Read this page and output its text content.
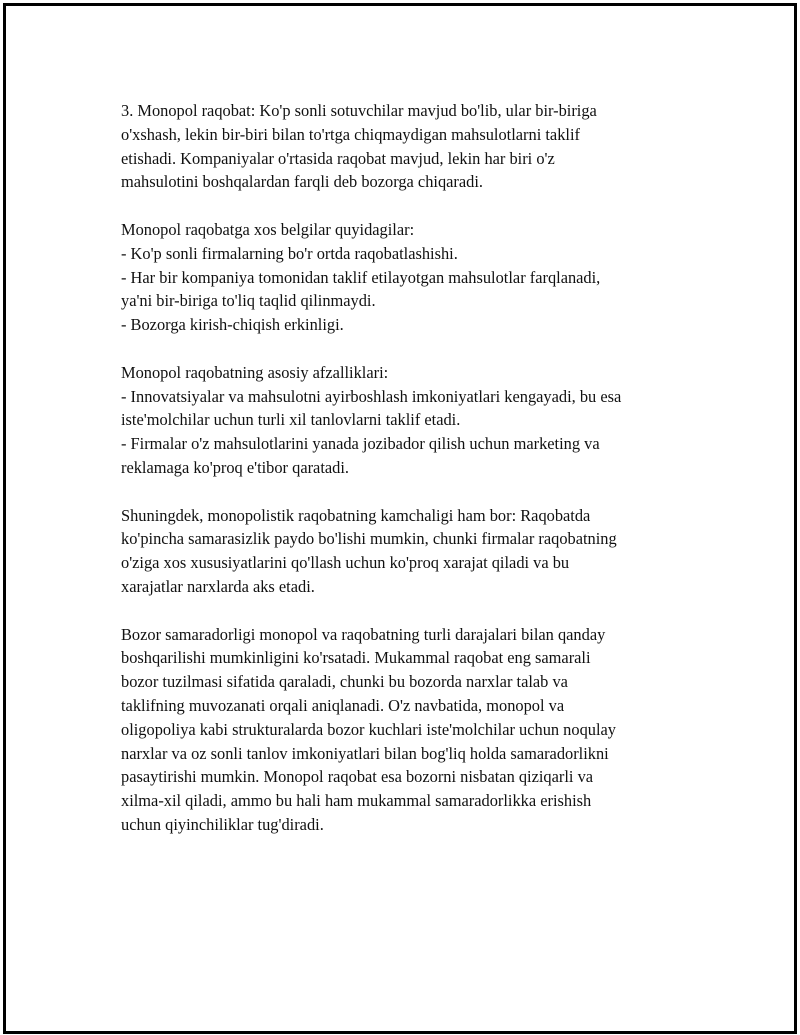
3. Monopol raqobat: Ko'p sonli sotuvchilar mavjud bo'lib, ular bir-biriga
o'xshash, lekin bir-biri bilan to'rtga chiqmaydigan mahsulotlarni taklif
etishadi. Kompaniyalar o'rtasida raqobat mavjud, lekin har biri o'z
mahsulotini boshqalardan farqli deb bozorga chiqaradi.

Monopol raqobatga xos belgilar quyidagilar:
- Ko'p sonli firmalarning bo'r ortda raqobatlashishi.
- Har bir kompaniya tomonidan taklif etilayotgan mahsulotlar farqlanadi,
ya'ni bir-biriga to'liq taqlid qilinmaydi.
- Bozorga kirish-chiqish erkinligi.

Monopol raqobatning asosiy afzalliklari:
- Innovatsiyalar va mahsulotni ayirboshlash imkoniyatlari kengayadi, bu esa
iste'molchilar uchun turli xil tanlovlarni taklif etadi.
- Firmalar o'z mahsulotlarini yanada jozibador qilish uchun marketing va
reklamaga ko'proq e'tibor qaratadi.

Shuningdek, monopolistik raqobatning kamchaligi ham bor: Raqobatda
ko'pincha samarasizlik paydo bo'lishi mumkin, chunki firmalar raqobatning
o'ziga xos xususiyatlarini qo'llash uchun ko'proq xarajat qiladi va bu
xarajatlar narxlarda aks etadi.

Bozor samaradorligi monopol va raqobatning turli darajalari bilan qanday
boshqarilishi mumkinligini ko'rsatadi. Mukammal raqobat eng samarali
bozor tuzilmasi sifatida qaraladi, chunki bu bozorda narxlar talab va
taklifning muvozanati orqali aniqlanadi. O'z navbatida, monopol va
oligopoliya kabi strukturalarda bozor kuchlari iste'molchilar uchun noqulay
narxlar va oz sonli tanlov imkoniyatlari bilan bog'liq holda samaradorlikni
pasaytirishi mumkin. Monopol raqobat esa bozorni nisbatan qiziqarli va
xilma-xil qiladi, ammo bu hali ham mukammal samaradorlikka erishish
uchun qiyinchiliklar tug'diradi.
